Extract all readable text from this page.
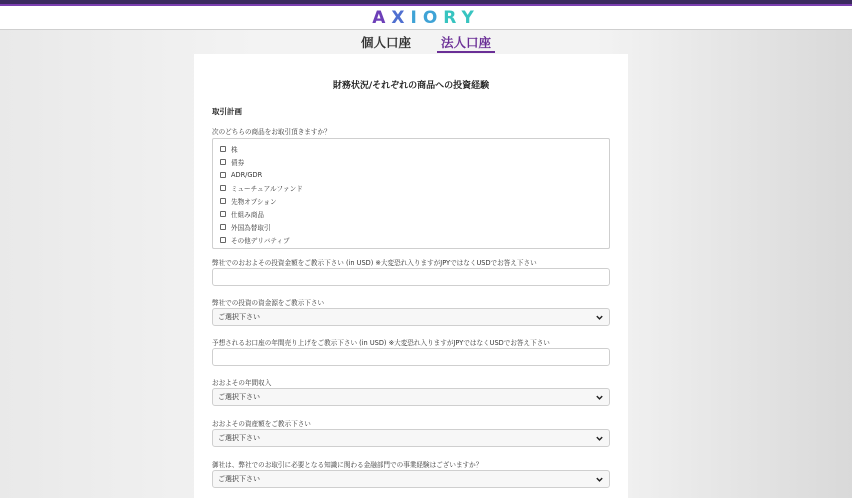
AXIORY
個人口座	法人口座
財務状況/それぞれの商品への投資経験
取引計画
次のどちらの商品をお取引頂きますか？
株
債券
ADR/GDR
ミューチュアルファンド
先物オプション
仕組み商品
外国為替取引
その他デリバティブ
弊社でのおおよその投資金額をご教示下さい (in USD) ※大変恐れ入りますがJPYではなくUSDでお答え下さい
弊社での投資の資金源をご教示下さい
ご選択下さい
予想されるお口座の年間売り上げをご教示下さい (in USD) ※大変恐れ入りますがJPYではなくUSDでお答え下さい
おおよその年間収入
ご選択下さい
おおよその資産額をご教示下さい
ご選択下さい
御社は、弊社でのお取引に必要となる知識に関わる金融部門での事業経験はございますか？
ご選択下さい
